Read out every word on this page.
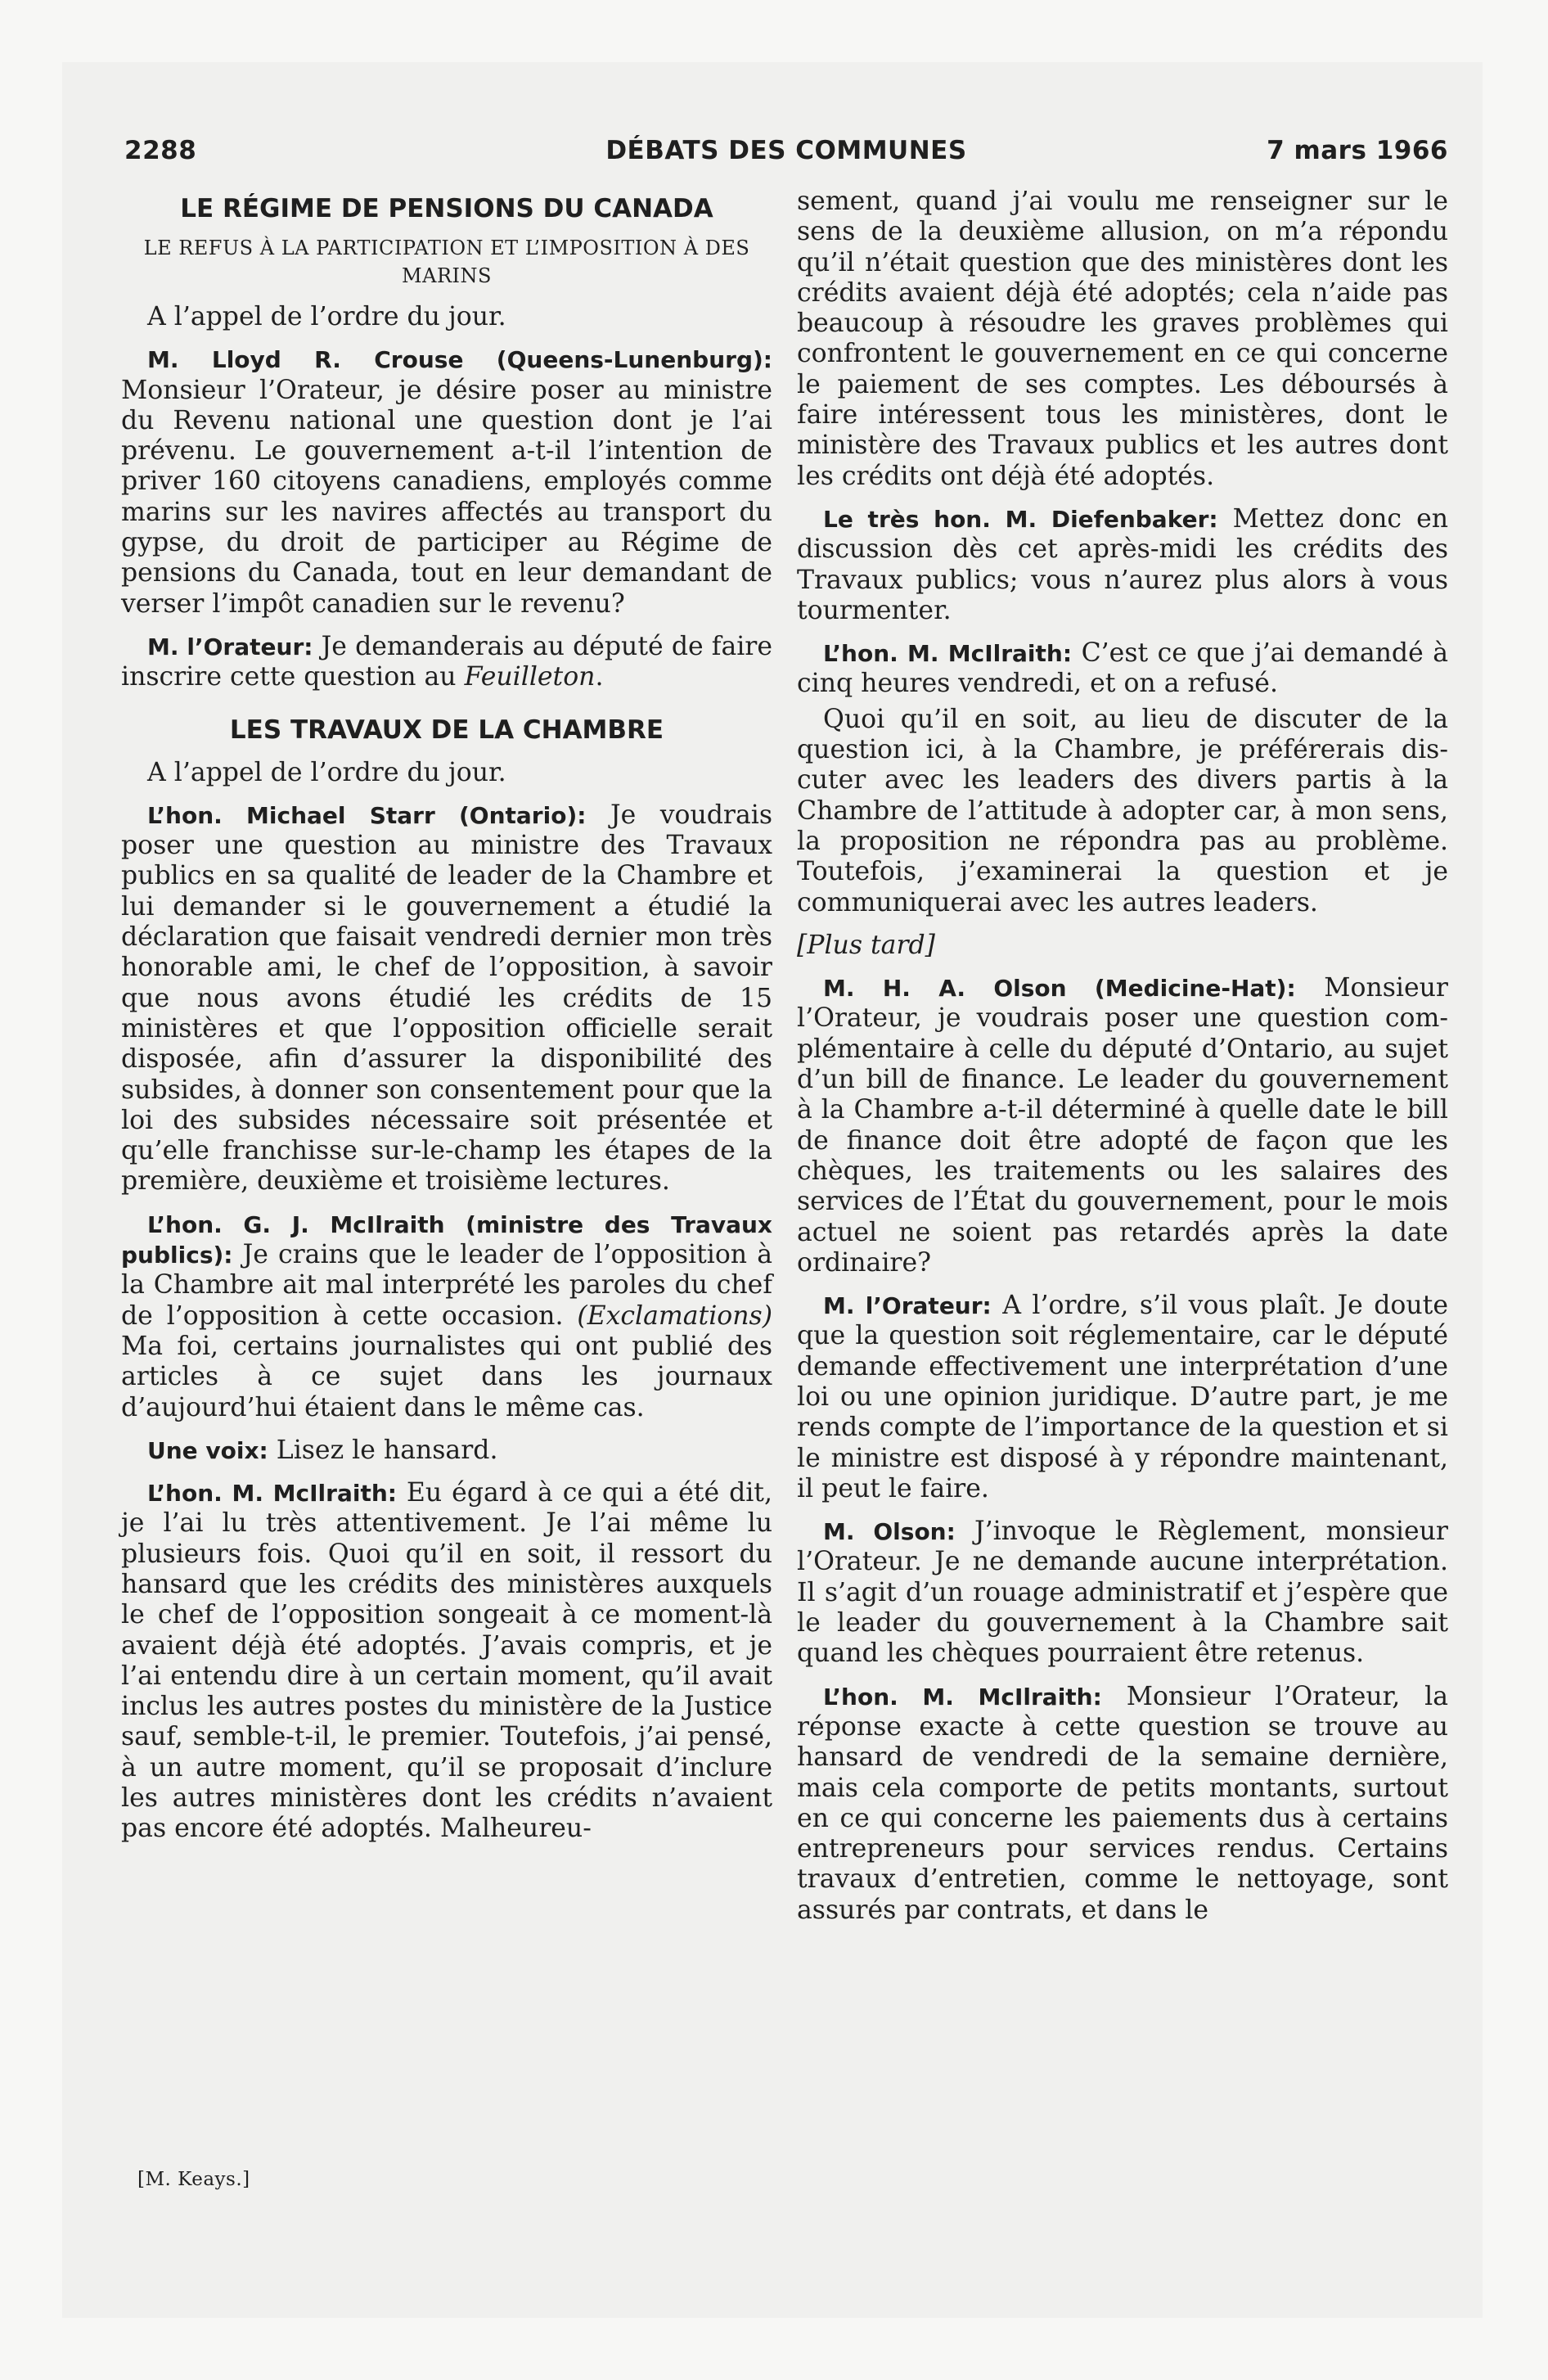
2288	DÉBATS DES COMMUNES	7 mars 1966
LE RÉGIME DE PENSIONS DU CANADA
LE REFUS À LA PARTICIPATION ET L’IMPOSITION À DES MARINS

A l’appel de l’ordre du jour.

M. Lloyd R. Crouse (Queens-Lunenburg): Monsieur l’Orateur, je désire poser au ministre du Revenu national une question dont je l’ai prévenu. Le gouvernement a-t-il l’intention de priver 160 citoyens canadiens, employés comme marins sur les navires affectés au transport du gypse, du droit de participer au Régime de pensions du Canada, tout en leur demandant de verser l’impôt canadien sur le revenu?

M. l’Orateur: Je demanderais au député de faire inscrire cette question au Feuilleton.

LES TRAVAUX DE LA CHAMBRE

A l’appel de l’ordre du jour.

L’hon. Michael Starr (Ontario): Je voudrais poser une question au ministre des Travaux publics en sa qualité de leader de la Chambre et lui demander si le gouvernement a étudié la déclaration que faisait vendredi dernier mon très honorable ami, le chef de l’opposition, à savoir que nous avons étudié les crédits de 15 ministères et que l’opposition officielle serait disposée, afin d’assurer la disponibilité des subsides, à donner son consentement pour que la loi des subsides nécessaire soit présentée et qu’elle franchisse sur-le-champ les étapes de la première, deuxième et troisième lectures.

L’hon. G. J. McIlraith (ministre des Travaux publics): Je crains que le leader de l’opposition à la Chambre ait mal interprété les paroles du chef de l’opposition à cette occasion. (Exclamations) Ma foi, certains journalistes qui ont publié des articles à ce sujet dans les journaux d’aujourd’hui étaient dans le même cas.

Une voix: Lisez le hansard.

L’hon. M. McIlraith: Eu égard à ce qui a été dit, je l’ai lu très attentivement. Je l’ai même lu plusieurs fois. Quoi qu’il en soit, il ressort du hansard que les crédits des ministères auxquels le chef de l’opposition songeait à ce moment-là avaient déjà été adoptés. J’avais compris, et je l’ai entendu dire à un certain moment, qu’il avait inclus les autres postes du ministère de la Justice sauf, semble-t-il, le premier. Toutefois, j’ai pensé, à un autre moment, qu’il se proposait d’inclure les autres ministères dont les crédits n’avaient pas encore été adoptés. Malheureu-

[M. Keays.]

sement, quand j’ai voulu me renseigner sur le sens de la deuxième allusion, on m’a répondu qu’il n’était question que des ministères dont les crédits avaient déjà été adoptés; cela n’aide pas beaucoup à résoudre les graves problèmes qui confrontent le gouvernement en ce qui concerne le paiement de ses comptes. Les déboursés à faire intéressent tous les ministères, dont le ministère des Travaux publics et les autres dont les crédits ont déjà été adoptés.

Le très hon. M. Diefenbaker: Mettez donc en discussion dès cet après-midi les crédits des Travaux publics; vous n’aurez plus alors à vous tourmenter.

L’hon. M. McIlraith: C’est ce que j’ai demandé à cinq heures vendredi, et on a refusé.

Quoi qu’il en soit, au lieu de discuter de la question ici, à la Chambre, je préférerais discuter avec les leaders des divers partis à la Chambre de l’attitude à adopter car, à mon sens, la proposition ne répondra pas au problème. Toutefois, j’examinerai la question et je communiquerai avec les autres leaders.

[Plus tard]

M. H. A. Olson (Medicine-Hat): Monsieur l’Orateur, je voudrais poser une question complémentaire à celle du député d’Ontario, au sujet d’un bill de finance. Le leader du gouvernement à la Chambre a-t-il déterminé à quelle date le bill de finance doit être adopté de façon que les chèques, les traitements ou les salaires des services de l’État du gouvernement, pour le mois actuel ne soient pas retardés après la date ordinaire?

M. l’Orateur: A l’ordre, s’il vous plaît. Je doute que la question soit réglementaire, car le député demande effectivement une interprétation d’une loi ou une opinion juridique. D’autre part, je me rends compte de l’importance de la question et si le ministre est disposé à y répondre maintenant, il peut le faire.

M. Olson: J’invoque le Règlement, monsieur l’Orateur. Je ne demande aucune interprétation. Il s’agit d’un rouage administratif et j’espère que le leader du gouvernement à la Chambre sait quand les chèques pourraient être retenus.

L’hon. M. McIlraith: Monsieur l’Orateur, la réponse exacte à cette question se trouve au hansard de vendredi de la semaine dernière, mais cela comporte de petits montants, surtout en ce qui concerne les paiements dus à certains entrepreneurs pour services rendus. Certains travaux d’entretien, comme le nettoyage, sont assurés par contrats, et dans le
